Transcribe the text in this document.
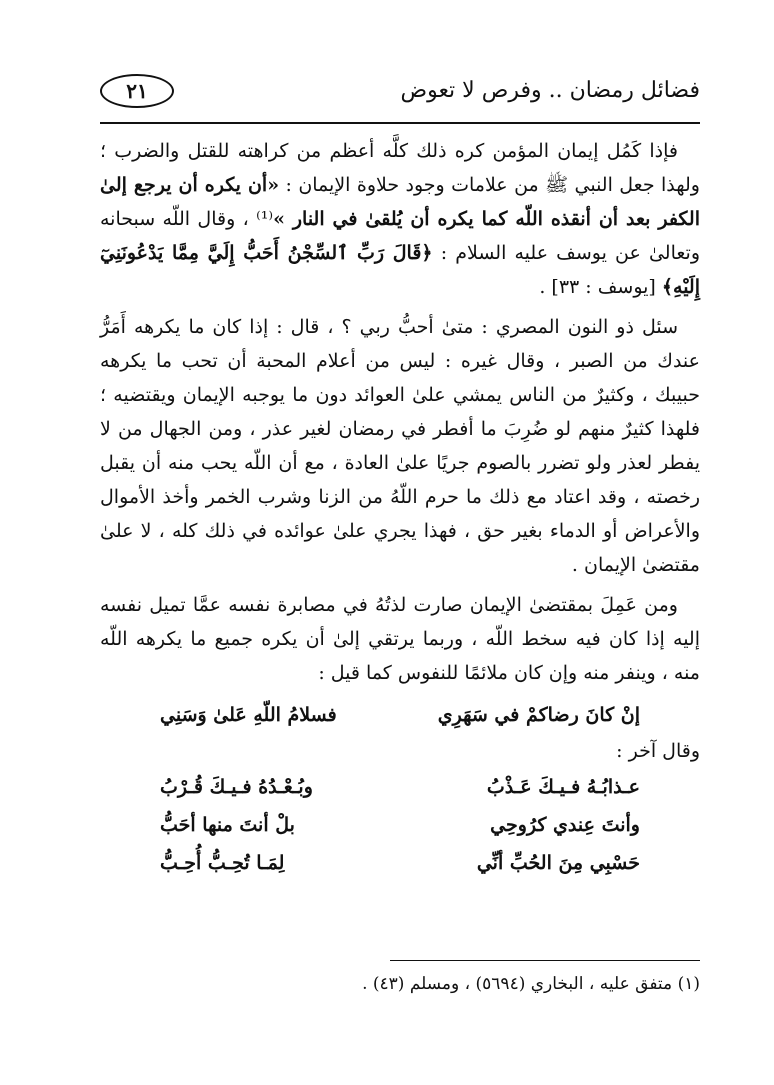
فضائل رمضان .. وفرص لا تعوض
٢١

فإذا كَمُل إيمان المؤمن كره ذلك كلَّه أعظم من كراهته للقتل والضرب ؛ ولهذا جعل النبي ﷺ من علامات وجود حلاوة الإيمان : «أن يكره أن يرجع إلىٰ الكفر بعد أن أنقذه اللّه كما يكره أن يُلقىٰ في النار »⁽¹⁾ ، وقال اللّه سبحانه وتعالىٰ عن يوسف عليه السلام : ﴿قَالَ رَبِّ ٱلسِّجْنُ أَحَبُّ إِلَيَّ مِمَّا يَدْعُونَنِيٓ إِلَيْهِ﴾ [يوسف : ٣٣] .

سئل ذو النون المصري : متىٰ أحبُّ ربي ؟ ، قال : إذا كان ما يكرهه أَمَرُّ عندك من الصبر ، وقال غيره : ليس من أعلام المحبة أن تحب ما يكرهه حبيبك ، وكثيرٌ من الناس يمشي علىٰ العوائد دون ما يوجبه الإيمان ويقتضيه ؛ فلهذا كثيرٌ منهم لو ضُرِبَ ما أفطر في رمضان لغير عذر ، ومن الجهال من لا يفطر لعذر ولو تضرر بالصوم جريًا علىٰ العادة ، مع أن اللّه يحب منه أن يقبل رخصته ، وقد اعتاد مع ذلك ما حرم اللّهُ من الزنا وشرب الخمر وأخذ الأموال والأعراض أو الدماء بغير حق ، فهذا يجري علىٰ عوائده في ذلك كله ، لا علىٰ مقتضىٰ الإيمان .

ومن عَمِلَ بمقتضىٰ الإيمان صارت لذتُهُ في مصابرة نفسه عمَّا تميل نفسه إليه إذا كان فيه سخط اللّه ، وربما يرتقي إلىٰ أن يكره جميع ما يكرهه اللّه منه ، وينفر منه وإن كان ملائمًا للنفوس كما قيل :

إنْ كانَ رضاكمْ في سَهَرِي
فسلامُ اللّهِ عَلىٰ وَسَنِي

وقال آخر :

عـذابُـهُ فـيـكَ عَـذْبُ
وبُـعْـدُهُ فـيـكَ قُـرْبُ
وأنتَ عِندي كرُوحِي
بلْ أنتَ منها أحَبُّ
حَسْبِي مِنَ الحُبِّ أنِّي
لِمَـا تُحِـبُّ أُحِـبُّ
(١) متفق عليه ، البخاري (٥٦٩٤) ، ومسلم (٤٣) .
